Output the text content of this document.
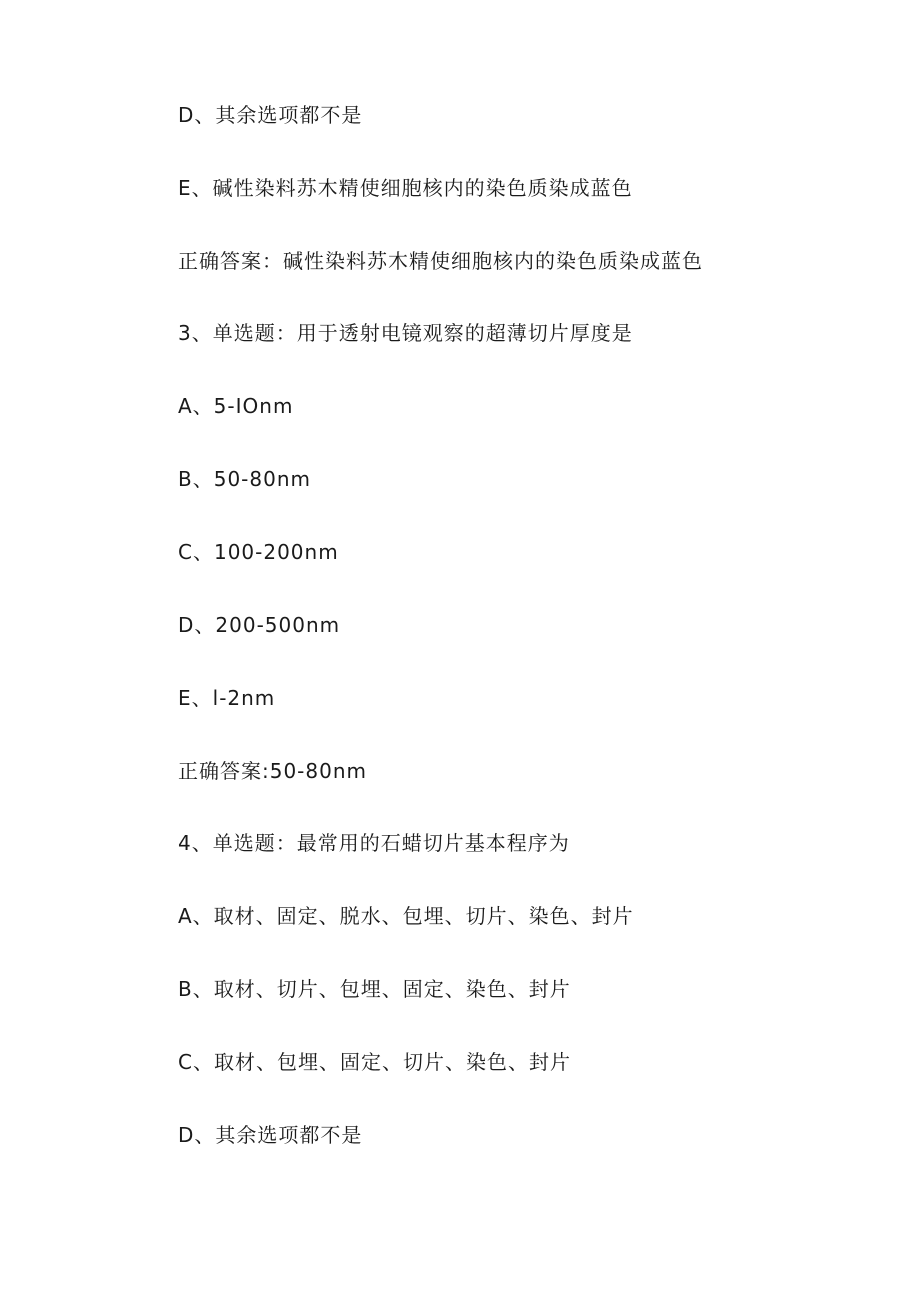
D、其余选项都不是
E、碱性染料苏木精使细胞核内的染色质染成蓝色
正确答案：碱性染料苏木精使细胞核内的染色质染成蓝色
3、单选题：用于透射电镜观察的超薄切片厚度是
A、5-IOnm
B、50-80nm
C、100-200nm
D、200-500nm
E、l-2nm
正确答案:50-80nm
4、单选题：最常用的石蜡切片基本程序为
A、取材、固定、脱水、包埋、切片、染色、封片
B、取材、切片、包埋、固定、染色、封片
C、取材、包埋、固定、切片、染色、封片
D、其余选项都不是
